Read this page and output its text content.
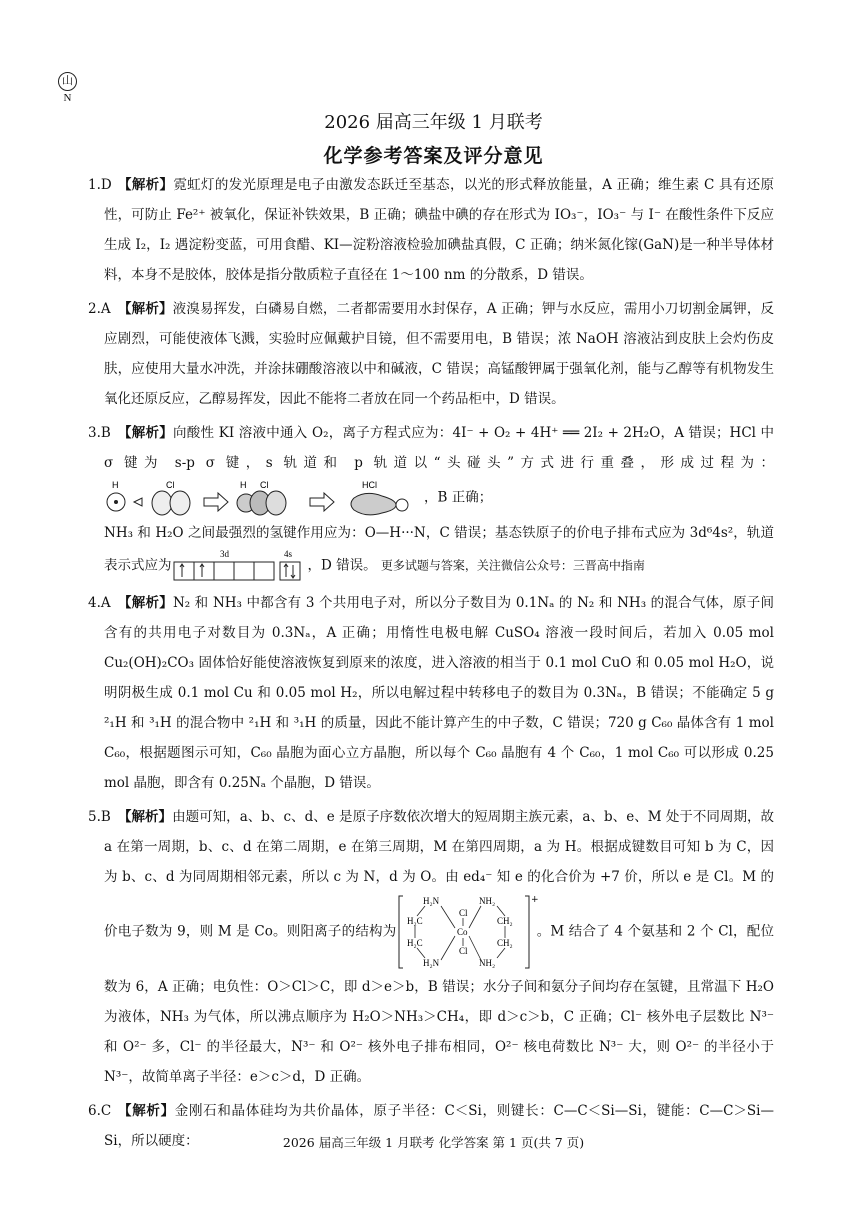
山N
2026 届高三年级 1 月联考
化学参考答案及评分意见
1.D 【解析】霓虹灯的发光原理是电子由激发态跃迁至基态，以光的形式释放能量，A 正确；维生素 C 具有还原性，可防止 Fe²⁺ 被氧化，保证补铁效果，B 正确；碘盐中碘的存在形式为 IO₃⁻，IO₃⁻ 与 I⁻ 在酸性条件下反应生成 I₂，I₂ 遇淀粉变蓝，可用食醋、KI—淀粉溶液检验加碘盐真假，C 正确；纳米氮化镓(GaN)是一种半导体材料，本身不是胶体，胶体是指分散质粒子直径在 1～100 nm 的分散系，D 错误。

2.A 【解析】液溴易挥发，白磷易自燃，二者都需要用水封保存，A 正确；钾与水反应，需用小刀切割金属钾，反应剧烈，可能使液体飞溅，实验时应佩戴护目镜，但不需要用电，B 错误；浓 NaOH 溶液沾到皮肤上会灼伤皮肤，应使用大量水冲洗，并涂抹硼酸溶液以中和碱液，C 错误；高锰酸钾属于强氧化剂，能与乙醇等有机物发生氧化还原反应，乙醇易挥发，因此不能将二者放在同一个药品柜中，D 错误。

3.B 【解析】向酸性 KI 溶液中通入 O₂，离子方程式应为：4I⁻ + O₂ + 4H⁺ ══ 2I₂ + 2H₂O，A 错误；HCl 中 σ 键为 s-p σ 键，s 轨道和 p 轨道以“头碰头”方式进行重叠，形成过程为：
H	Cl	H Cl	HCl
，B 正确；

NH₃ 和 H₂O 之间最强烈的氢键作用应为：O—H···N，C 错误；基态铁原子的价电子排布式应为 3d⁶4s²，轨道表示式应为
3d	4s
，D 错误。 更多试题与答案，关注微信公众号：三晋高中指南

4.A 【解析】N₂ 和 NH₃ 中都含有 3 个共用电子对，所以分子数目为 0.1Nₐ 的 N₂ 和 NH₃ 的混合气体，原子间含有的共用电子对数目为 0.3Nₐ，A 正确；用惰性电极电解 CuSO₄ 溶液一段时间后，若加入 0.05 mol Cu₂(OH)₂CO₃ 固体恰好能使溶液恢复到原来的浓度，进入溶液的相当于 0.1 mol CuO 和 0.05 mol H₂O，说明阴极生成 0.1 mol Cu 和 0.05 mol H₂，所以电解过程中转移电子的数目为 0.3Nₐ，B 错误；不能确定 5 g ²₁H 和 ³₁H 的混合物中 ²₁H 和 ³₁H 的质量，因此不能计算产生的中子数，C 错误；720 g C₆₀ 晶体含有 1 mol C₆₀，根据题图示可知，C₆₀ 晶胞为面心立方晶胞，所以每个 C₆₀ 晶胞有 4 个 C₆₀，1 mol C₆₀ 可以形成 0.25 mol 晶胞，即含有 0.25Nₐ 个晶胞，D 错误。

5.B 【解析】由题可知，a、b、c、d、e 是原子序数依次增大的短周期主族元素，a、b、e、M 处于不同周期，故 a 在第一周期，b、c、d 在第二周期，e 在第三周期，M 在第四周期，a 为 H。根据成键数目可知 b 为 C，因为 b、c、d 为同周期相邻元素，所以 c 为 N，d 为 O。由 ed₄⁻ 知 e 的化合价为 +7 价，所以 e 是 Cl。M 的价电子数为 9，则 M 是 Co。则阳离子的结构为
+
H₂N	NH₂
Cl
Co
Cl
H₂C
H₂C
CH₂
CH₂
H₂N	NH₂
。M 结合了 4 个氨基和 2 个 Cl，配位数为 6，A 正确；电负性：O＞Cl＞C，即 d＞e＞b，B 错误；水分子间和氨分子间均存在氢键，且常温下 H₂O 为液体，NH₃ 为气体，所以沸点顺序为 H₂O＞NH₃＞CH₄，即 d＞c＞b，C 正确；Cl⁻ 核外电子层数比 N³⁻ 和 O²⁻ 多，Cl⁻ 的半径最大，N³⁻ 和 O²⁻ 核外电子排布相同，O²⁻ 核电荷数比 N³⁻ 大，则 O²⁻ 的半径小于 N³⁻，故简单离子半径：e＞c＞d，D 正确。

6.C 【解析】金刚石和晶体硅均为共价晶体，原子半径：C＜Si，则键长：C—C＜Si—Si，键能：C—C＞Si—Si，所以硬度：	2026 届高三年级 1 月联考 化学答案 第 1 页(共 7 页)
